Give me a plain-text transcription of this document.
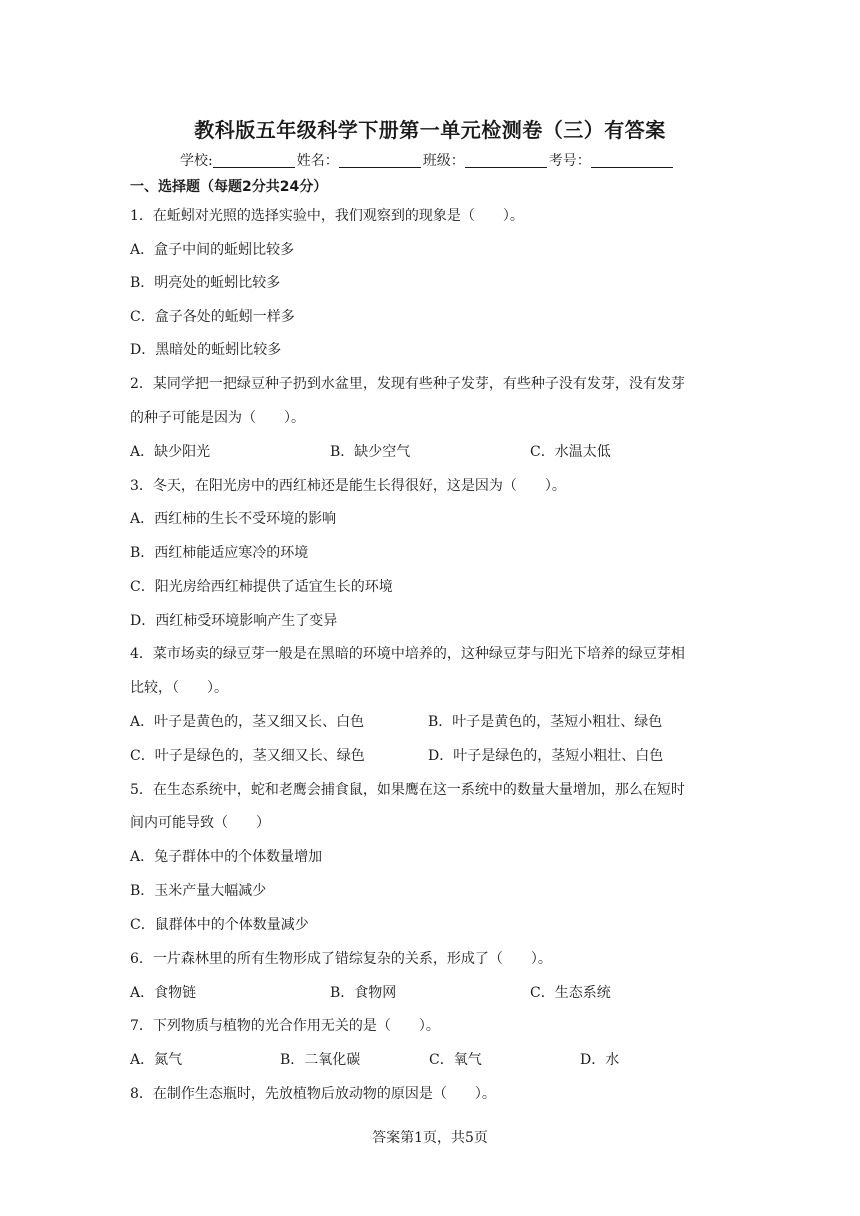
教科版五年级科学下册第一单元检测卷（三）有答案
学校:	姓名：	班级：	考号：
一、选择题（每题2分共24分）
1．在蚯蚓对光照的选择实验中，我们观察到的现象是（　　）。
A．盒子中间的蚯蚓比较多
B．明亮处的蚯蚓比较多
C．盒子各处的蚯蚓一样多
D．黑暗处的蚯蚓比较多
2．某同学把一把绿豆种子扔到水盆里，发现有些种子发芽，有些种子没有发芽，没有发芽
的种子可能是因为（　　）。
A．缺少阳光	B．缺少空气	C．水温太低
3．冬天，在阳光房中的西红柿还是能生长得很好，这是因为（　　）。
A．西红柿的生长不受环境的影响
B．西红柿能适应寒冷的环境
C．阳光房给西红柿提供了适宜生长的环境
D．西红柿受环境影响产生了变异
4．菜市场卖的绿豆芽一般是在黑暗的环境中培养的，这种绿豆芽与阳光下培养的绿豆芽相
比较，（　　）。
A．叶子是黄色的，茎又细又长、白色	B．叶子是黄色的，茎短小粗壮、绿色
C．叶子是绿色的，茎又细又长、绿色	D．叶子是绿色的，茎短小粗壮、白色
5．在生态系统中，蛇和老鹰会捕食鼠，如果鹰在这一系统中的数量大量增加，那么在短时
间内可能导致（　　）
A．兔子群体中的个体数量增加
B．玉米产量大幅减少
C．鼠群体中的个体数量减少
6．一片森林里的所有生物形成了错综复杂的关系，形成了（　　）。
A．食物链	B．食物网	C．生态系统
7．下列物质与植物的光合作用无关的是（　　）。
A．氮气	B．二氧化碳	C．氧气	D．水
8．在制作生态瓶时，先放植物后放动物的原因是（　　）。
答案第1页，共5页
